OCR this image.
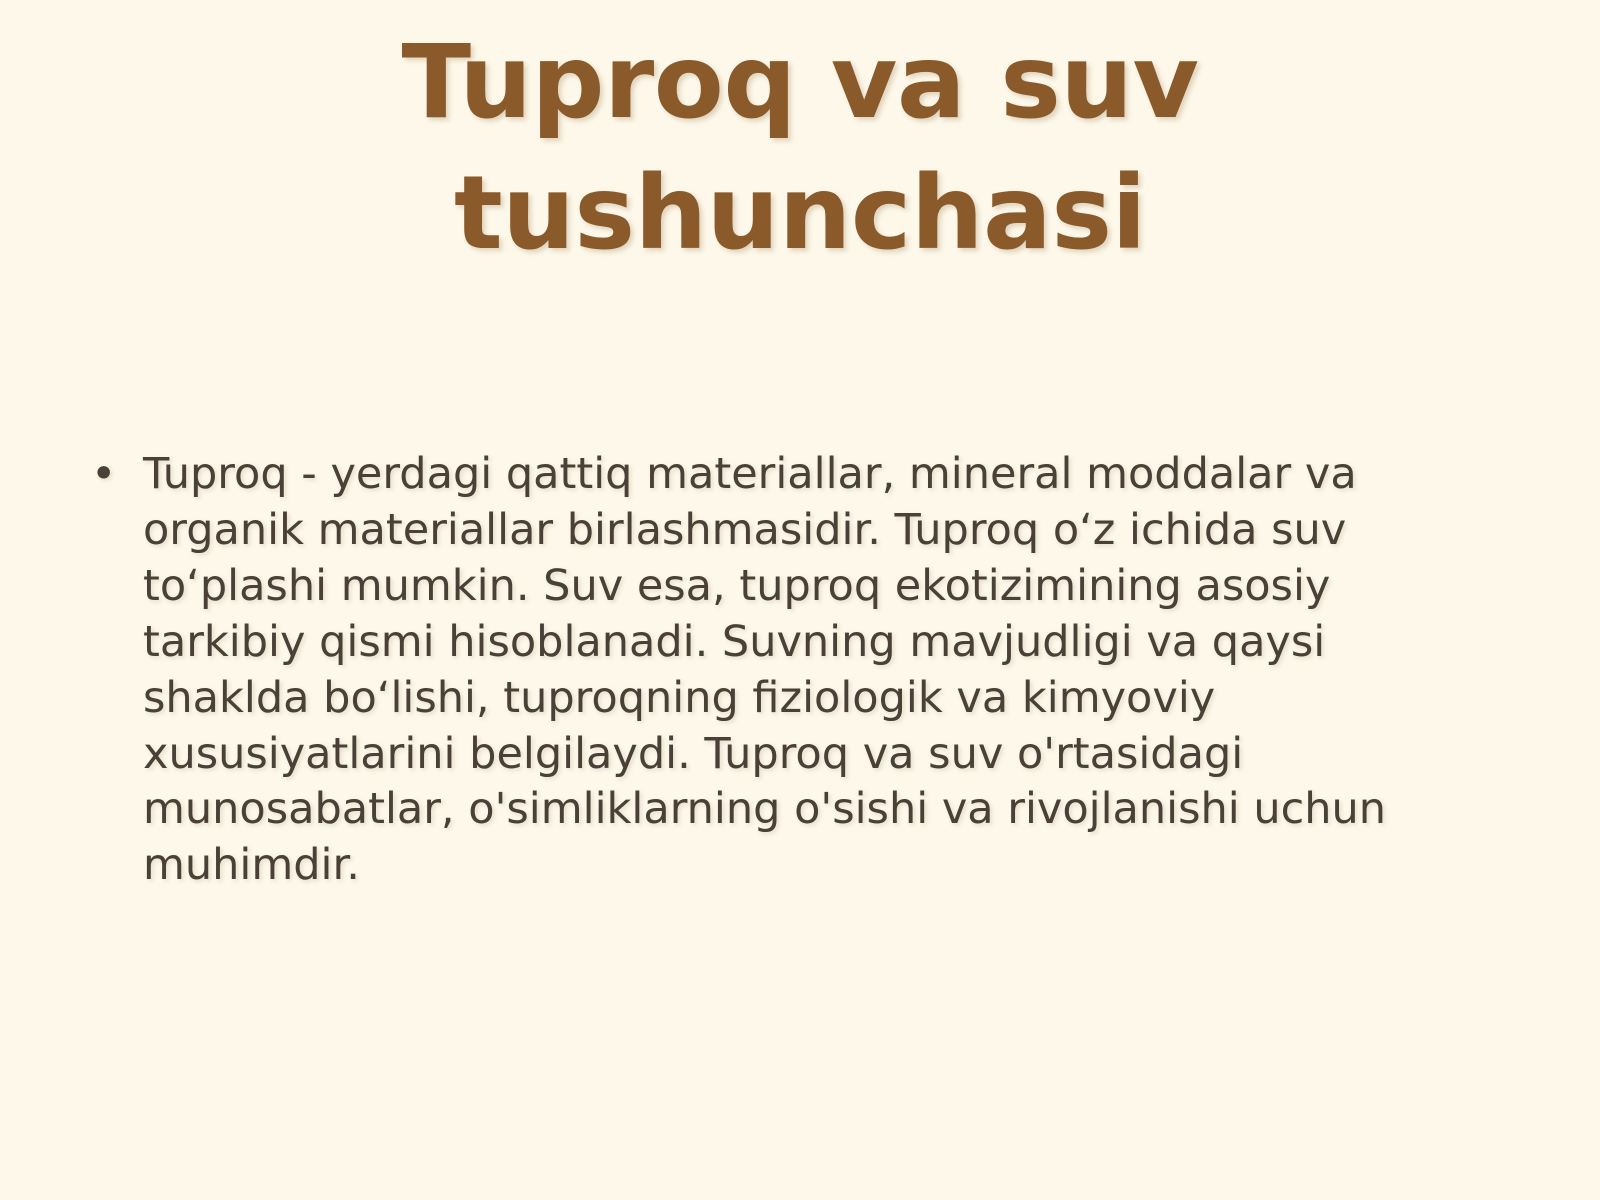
Tuproq va suv tushunchasi
• Tuproq - yerdagi qattiq materiallar, mineral moddalar va organik materiallar birlashmasidir. Tuproq o‘z ichida suv to‘plashi mumkin. Suv esa, tuproq ekotizimining asosiy tarkibiy qismi hisoblanadi. Suvning mavjudligi va qaysi shaklda bo‘lishi, tuproqning fiziologik va kimyoviy xususiyatlarini belgilaydi. Tuproq va suv o'rtasidagi munosabatlar, o'simliklarning o'sishi va rivojlanishi uchun muhimdir.
